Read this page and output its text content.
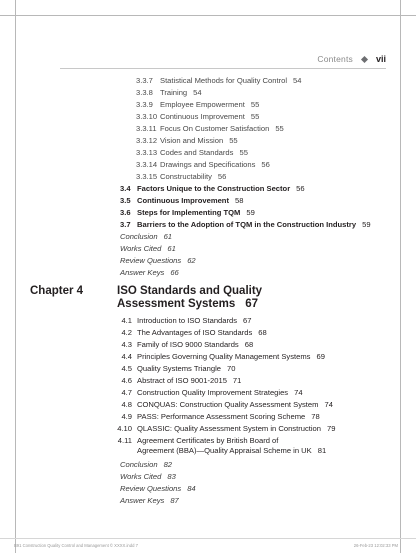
Contents	vii
3.3.7 Statistical Methods for Quality Control 54
3.3.8 Training 54
3.3.9 Employee Empowerment 55
3.3.10 Continuous Improvement 55
3.3.11 Focus On Customer Satisfaction 55
3.3.12 Vision and Mission 55
3.3.13 Codes and Standards 55
3.3.14 Drawings and Specifications 56
3.3.15 Constructability 56
3.4 Factors Unique to the Construction Sector 56
3.5 Continuous Improvement 58
3.6 Steps for Implementing TQM 59
3.7 Barriers to the Adoption of TQM in the Construction Industry 59
Conclusion 61
Works Cited 61
Review Questions 62
Answer Keys 66
Chapter 4	ISO Standards and Quality
Assessment Systems 67
4.1 Introduction to ISO Standards 67
4.2 The Advantages of ISO Standards 68
4.3 Family of ISO 9000 Standards 68
4.4 Principles Governing Quality Management Systems 69
4.5 Quality Systems Triangle 70
4.6 Abstract of ISO 9001-2015 71
4.7 Construction Quality Improvement Strategies 74
4.8 CONQUAS: Construction Quality Assessment System 74
4.9 PASS: Performance Assessment Scoring Scheme 78
4.10 QLASSIC: Quality Assessment System in Construction 79
4.11 Agreement Certificates by British Board of
Agreement (BBA)—Quality Appraisal Scheme in UK 81
Conclusion 82
Works Cited 83
Review Questions 84
Answer Keys 87
B91 Construction Quality Control and Management © XXXX.indd 7	26-Feb-23 12:02:33 PM
